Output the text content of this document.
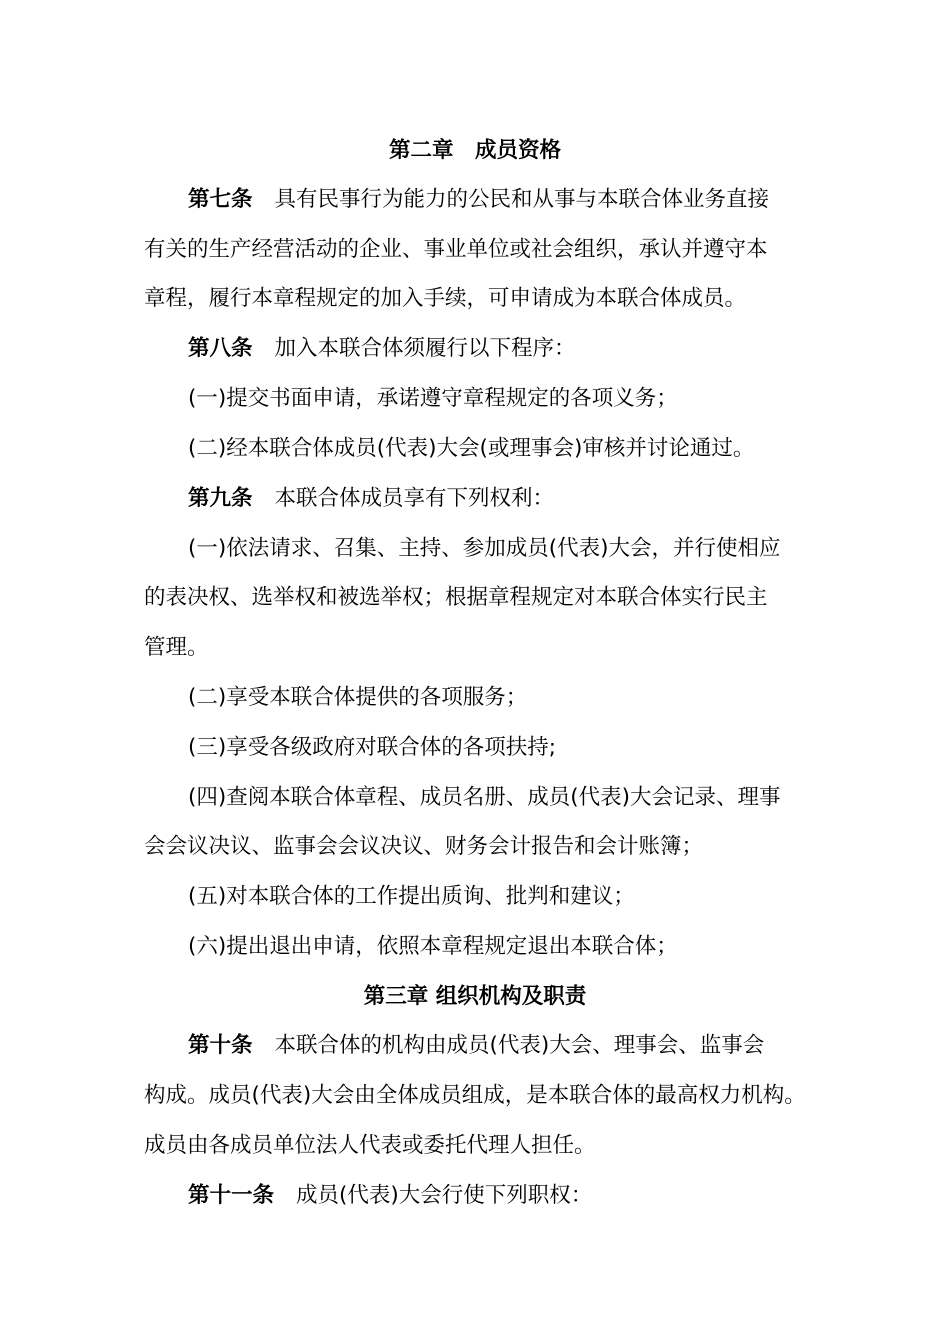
第二章　成员资格
第七条 具有民事行为能力的公民和从事与本联合体业务直接
有关的生产经营活动的企业、事业单位或社会组织，承认并遵守本
章程，履行本章程规定的加入手续，可申请成为本联合体成员。
第八条 加入本联合体须履行以下程序：
(一)提交书面申请，承诺遵守章程规定的各项义务；
(二)经本联合体成员(代表)大会(或理事会)审核并讨论通过。
第九条 本联合体成员享有下列权利：
(一)依法请求、召集、主持、参加成员(代表)大会，并行使相应
的表决权、选举权和被选举权；根据章程规定对本联合体实行民主
管理。
(二)享受本联合体提供的各项服务；
(三)享受各级政府对联合体的各项扶持;
(四)查阅本联合体章程、成员名册、成员(代表)大会记录、理事
会会议决议、监事会会议决议、财务会计报告和会计账簿；
(五)对本联合体的工作提出质询、批判和建议；
(六)提出退出申请，依照本章程规定退出本联合体；
第三章 组织机构及职责
第十条 本联合体的机构由成员(代表)大会、理事会、监事会
构成。成员(代表)大会由全体成员组成，是本联合体的最高权力机构。
成员由各成员单位法人代表或委托代理人担任。
第十一条 成员(代表)大会行使下列职权：
